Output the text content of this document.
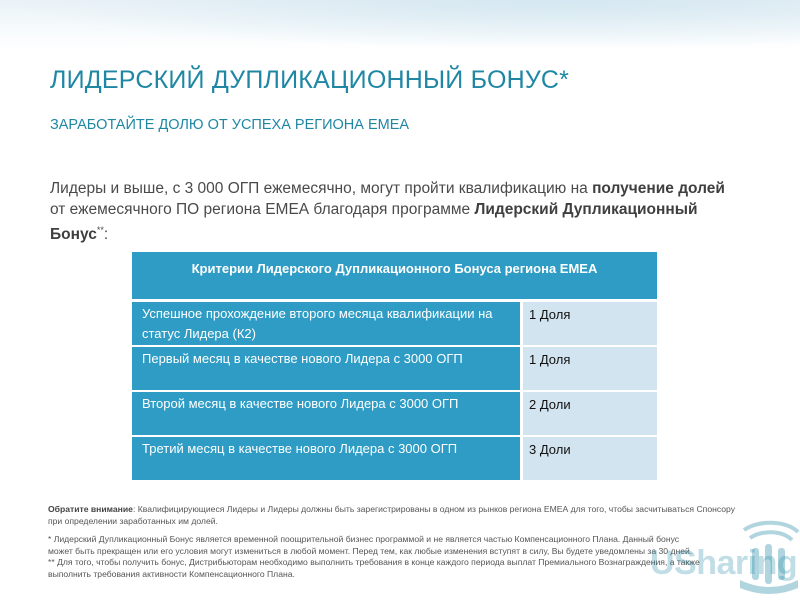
ЛИДЕРСКИЙ ДУПЛИКАЦИОННЫЙ БОНУС*
ЗАРАБОТАЙТЕ ДОЛЮ ОТ УСПЕХА РЕГИОНА ЕМЕА
Лидеры и выше, с 3 000 ОГП ежемесячно, могут пройти квалификацию на получение долей от ежемесячного ПО региона ЕМЕА благодаря программе Лидерский Дупликационный Бонус**:
Критерии Лидерского Дупликационного Бонуса региона ЕМЕА	
Успешное прохождение второго месяца квалификации на статус Лидера (К2)	1 Доля
Первый месяц в качестве нового Лидера с 3000 ОГП	1 Доля
Второй месяц в качестве нового Лидера с 3000 ОГП	2 Доли
Третий месяц в качестве нового Лидера с 3000 ОГП	3 Доли
Обратите внимание: Квалифицирующиеся Лидеры и Лидеры должны быть зарегистрированы в одном из рынков региона ЕМЕА для того, чтобы засчитываться Спонсору при определении заработанных им долей.

* Лидерский Дупликационный Бонус является временной поощрительной бизнес программой и не является частью Компенсационного Плана. Данный бонус может быть прекращен или его условия могут измениться в любой момент. Перед тем, как любые изменения вступят в силу, Вы будете уведомлены за 30 дней.

** Для того, чтобы получить бонус, Дистрибьюторам необходимо выполнить требования в конце каждого периода выплат Премиального Вознаграждения, а также выполнить требования активности Компенсационного Плана.	USharing
